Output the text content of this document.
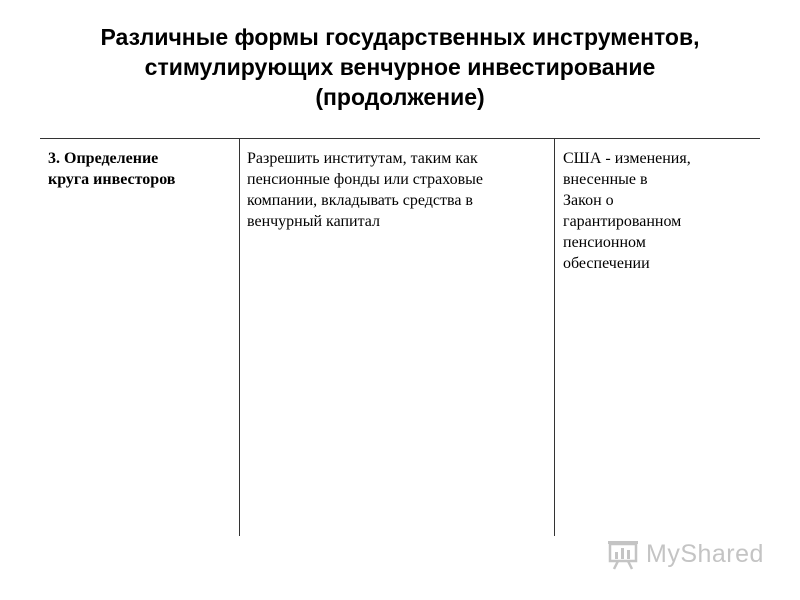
Различные формы государственных инструментов,
стимулирующих венчурное инвестирование
(продолжение)
3. Определение
круга инвесторов
Разрешить институтам, таким как
пенсионные фонды или страховые
компании, вкладывать средства в
венчурный капитал
США - изменения,
внесенные в
Закон о
гарантированном
пенсионном
обеспечении
MyShared
